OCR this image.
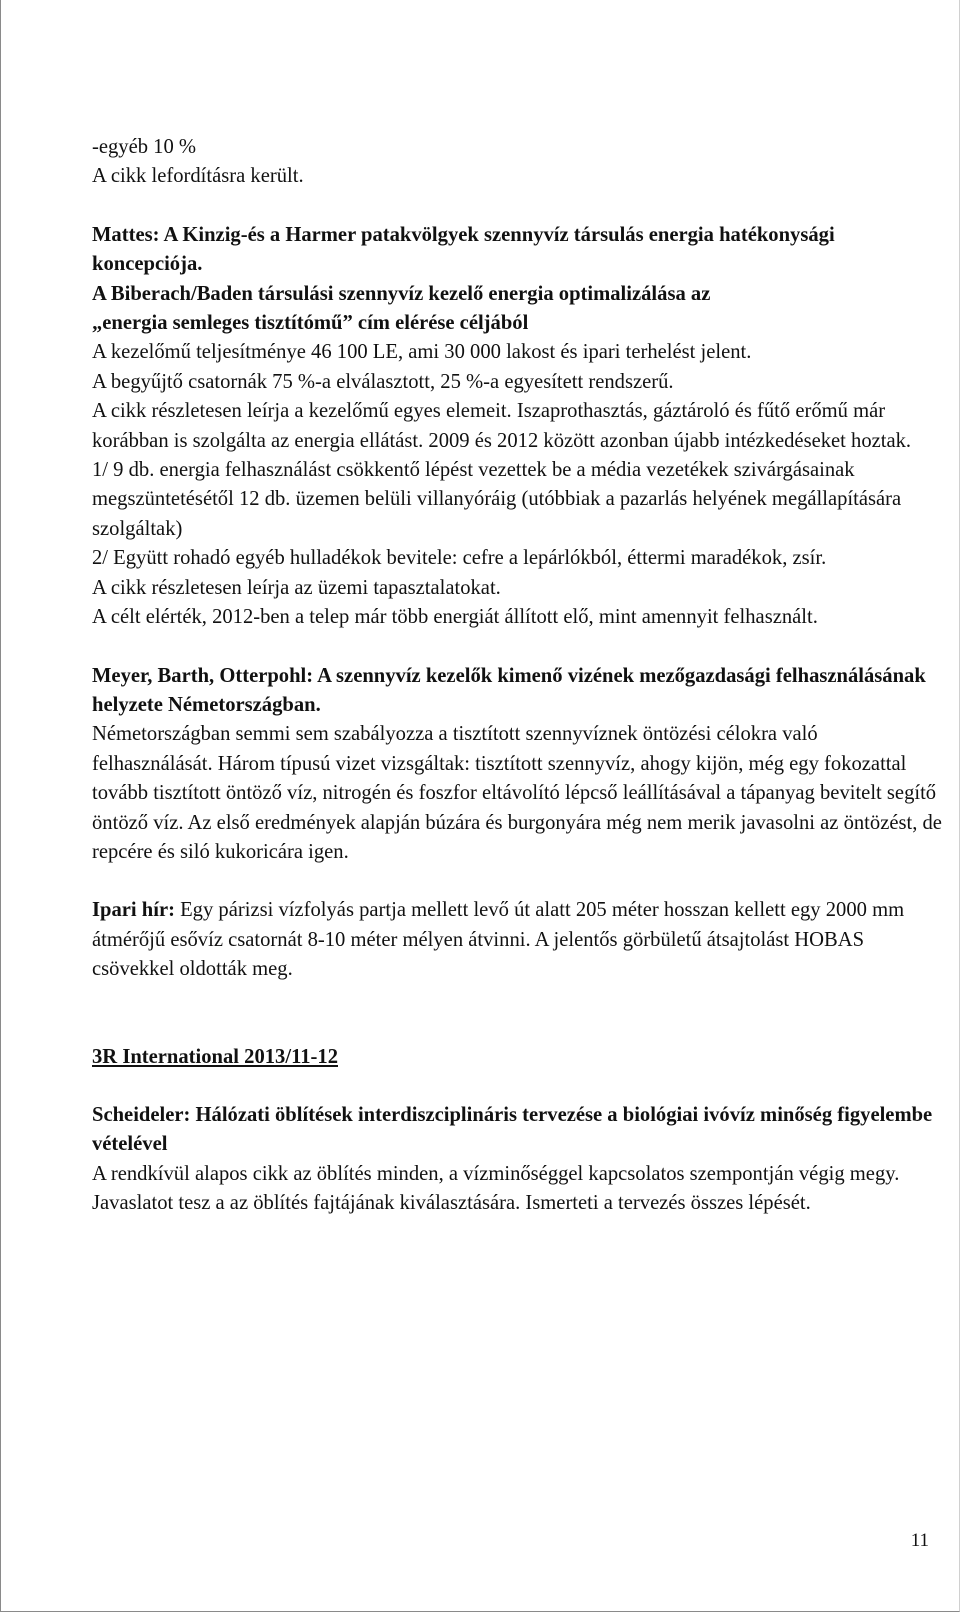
-egyéb 10 %

A cikk lefordításra került.

Mattes: A Kinzig-és a Harmer patakvölgyek szennyvíz társulás energia hatékonysági koncepciója.

A Biberach/Baden társulási szennyvíz kezelő energia optimalizálása az

„energia semleges tisztítómű” cím elérése céljából

A kezelőmű teljesítménye 46 100 LE, ami 30 000 lakost és ipari terhelést jelent.

A begyűjtő csatornák 75 %-a elválasztott, 25 %-a egyesített rendszerű.

A cikk részletesen leírja a kezelőmű egyes elemeit. Iszaprothasztás, gáztároló és fűtő erőmű már korábban is szolgálta az energia ellátást. 2009 és 2012 között azonban újabb intézkedéseket hoztak.

1/ 9 db. energia felhasználást csökkentő lépést vezettek be a média vezetékek szivárgásainak megszüntetésétől 12 db. üzemen belüli villanyóráig (utóbbiak a pazarlás helyének megállapítására szolgáltak)

2/ Együtt rohadó egyéb hulladékok bevitele: cefre a lepárlókból, éttermi maradékok, zsír.

A cikk részletesen leírja az üzemi tapasztalatokat.

A célt elérték, 2012-ben a telep már több energiát állított elő, mint amennyit felhasznált.

Meyer, Barth, Otterpohl: A szennyvíz kezelők kimenő vizének mezőgazdasági felhasználásának helyzete Németországban.

Németországban semmi sem szabályozza a tisztított szennyvíznek öntözési célokra való felhasználását. Három típusú vizet vizsgáltak: tisztított szennyvíz, ahogy kijön, még egy fokozattal tovább tisztított öntöző víz, nitrogén és foszfor eltávolító lépcső leállításával a tápanyag bevitelt segítő öntöző víz. Az első eredmények alapján búzára és burgonyára még nem merik javasolni az öntözést, de repcére és siló kukoricára igen.

Ipari hír: Egy párizsi vízfolyás partja mellett levő út alatt 205 méter hosszan kellett egy 2000 mm átmérőjű esővíz csatornát 8-10 méter mélyen átvinni. A jelentős görbületű átsajtolást HOBAS csövekkel oldották meg.

3R International 2013/11-12

Scheideler: Hálózati öblítések interdiszciplináris tervezése a biológiai ivóvíz minőség figyelembe vételével

A rendkívül alapos cikk az öblítés minden, a vízminőséggel kapcsolatos szempontján végig megy. Javaslatot tesz a az öblítés fajtájának kiválasztására. Ismerteti a tervezés összes lépését.

11
